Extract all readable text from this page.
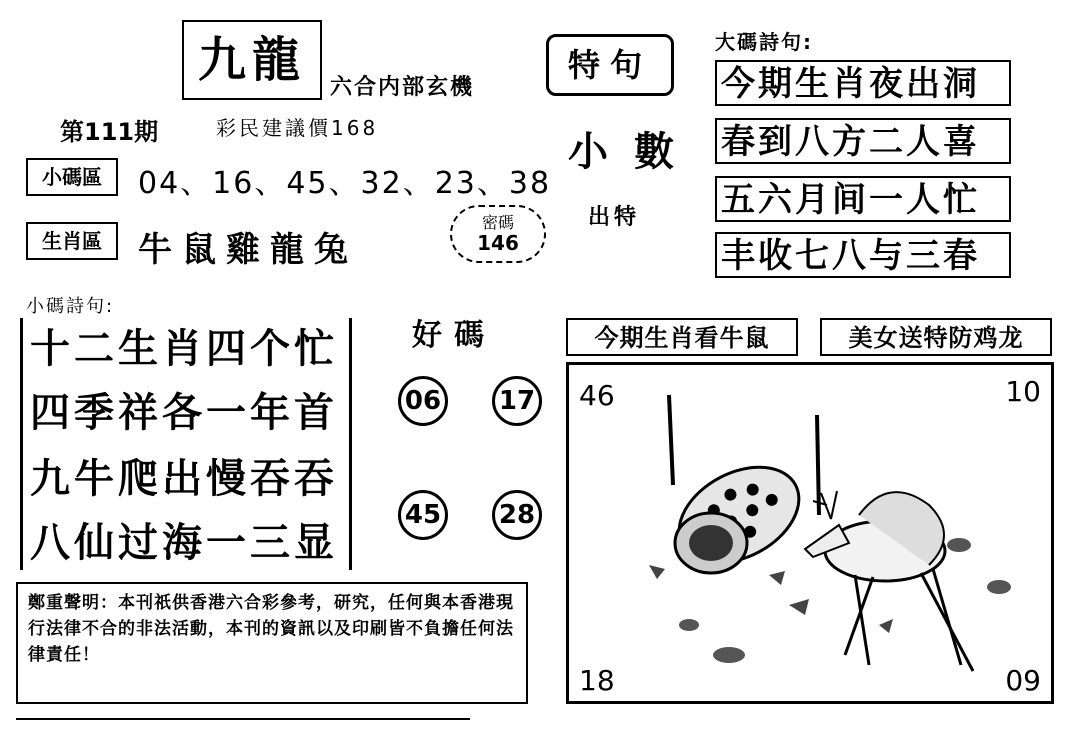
九龍	六合内部玄機
第111期	彩民建議價168
小碼區	04、16、45、32、23、38
生肖區	牛鼠雞龍兔
密碼
146
特句
小數
出特
大碼詩句:
今期生肖夜出洞
春到八方二人喜
五六月间一人忙
丰收七八与三春
小碼詩句:
十二生肖四个忙
四季祥各一年首
九牛爬出慢吞吞
八仙过海一三显
好碼
06 17
45 28
今期生肖看牛鼠	美女送特防鸡龙
46	10
18	09
鄭重聲明：本刊祇供香港六合彩參考，研究，任何與本香港現行法律不合的非法活動，本刊的資訊以及印刷皆不負擔任何法律責任！
